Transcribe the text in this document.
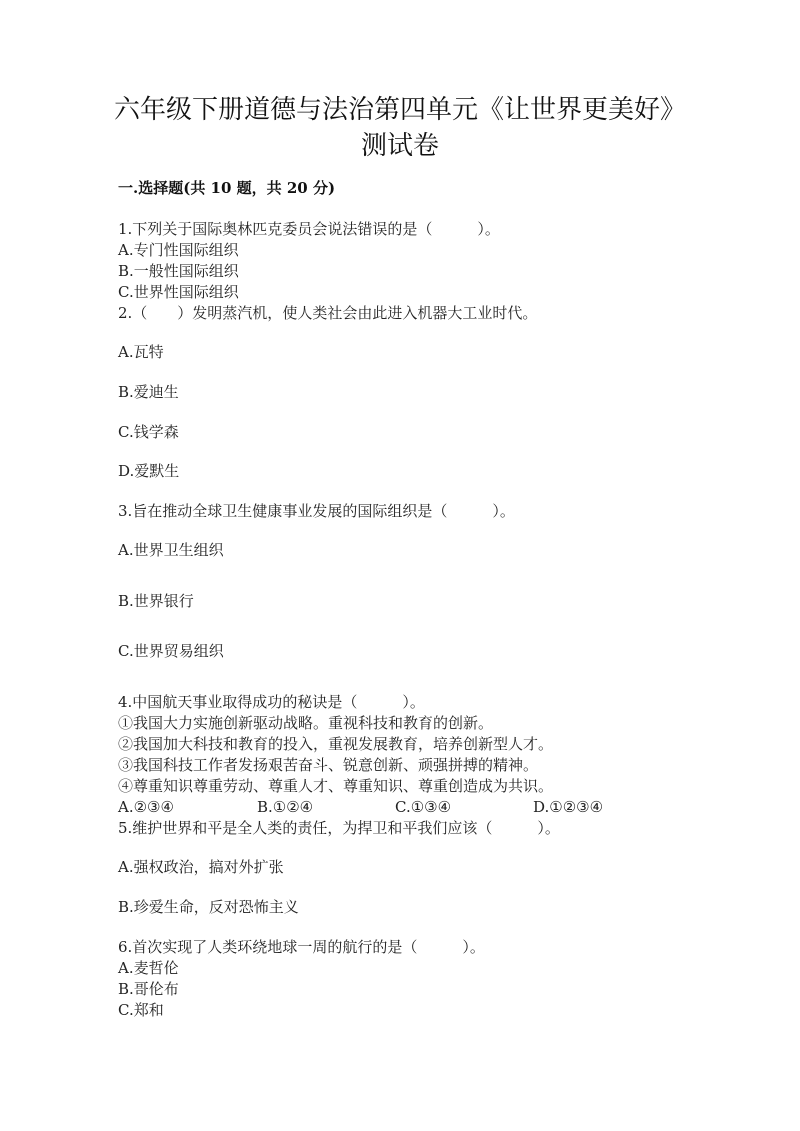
六年级下册道德与法治第四单元《让世界更美好》
测试卷
一.选择题(共 10 题，共 20 分)
1.下列关于国际奥林匹克委员会说法错误的是（　　　）。
A.专门性国际组织
B.一般性国际组织
C.世界性国际组织
2.（　　）发明蒸汽机，使人类社会由此进入机器大工业时代。
A.瓦特
B.爱迪生
C.钱学森
D.爱默生
3.旨在推动全球卫生健康事业发展的国际组织是（　　　）。
A.世界卫生组织
B.世界银行
C.世界贸易组织
4.中国航天事业取得成功的秘诀是（　　　）。
①我国大力实施创新驱动战略。重视科技和教育的创新。
②我国加大科技和教育的投入，重视发展教育，培养创新型人才。
③我国科技工作者发扬艰苦奋斗、锐意创新、顽强拼搏的精神。
④尊重知识尊重劳动、尊重人才、尊重知识、尊重创造成为共识。
A.②③④	B.①②④	C.①③④	D.①②③④
5.维护世界和平是全人类的责任，为捍卫和平我们应该（　　　）。
A.强权政治，搞对外扩张
B.珍爱生命，反对恐怖主义
6.首次实现了人类环绕地球一周的航行的是（　　　）。
A.麦哲伦
B.哥伦布
C.郑和
